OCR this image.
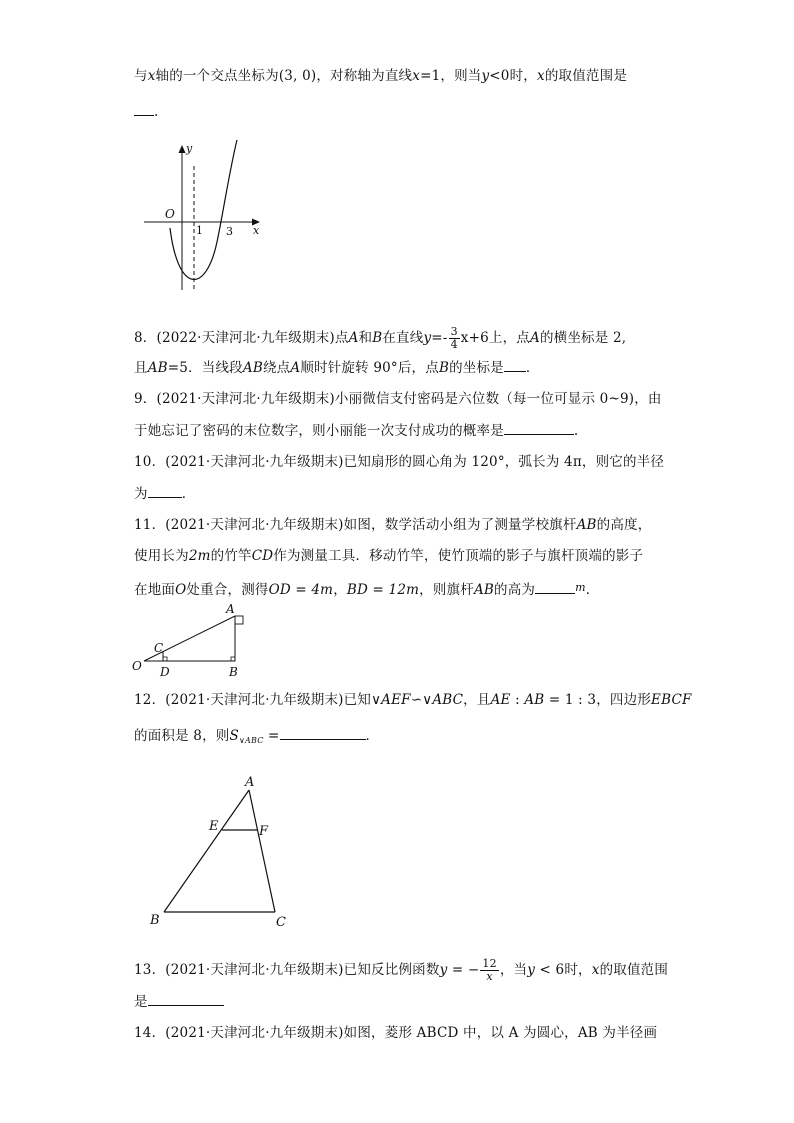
与x轴的一个交点坐标为(3, 0)，对称轴为直线x=1，则当y<0时，x的取值范围是
.
y
x
O
1 3
8．(2022·天津河北·九年级期末)点A和B在直线$y=- \frac{3}{4} x+6$上，点A的横坐标是 2,
且AB=5．当线段AB绕点A顺时针旋转 90°后，点B的坐标是 ．
9．(2021·天津河北·九年级期末)小丽微信支付密码是六位数（每一位可显示 0~9)，由
于她忘记了密码的末位数字，则小丽能一次支付成功的概率是	.
10．(2021·天津河北·九年级期末)已知扇形的圆心角为 120°，弧长为 4π，则它的半径
为	．
11．(2021·天津河北·九年级期末)如图，数学活动小组为了测量学校旗杆AB的高度，
使用长为2m的竹竿CD作为测量工具．移动竹竿，使竹顶端的影子与旗杆顶端的影子
在地面O处重合，测得OD = 4m，BD = 12m，则旗杆AB的高为	$^m$．
A
C
O D	B
12．(2021·天津河北·九年级期末)已知∨AEF∽∨ABC，且AE : AB = 1 : 3，四边形EBCF
的面积是 8，则$S_{\vee ABC}$ =	．
A
E	F
B	C
13．(2021·天津河北·九年级期末)已知反比例函数y = − $\frac{12}{x}$ ，当y < 6时，x的取值范围
是
14．(2021·天津河北·九年级期末)如图，菱形 ABCD 中，以 A 为圆心，AB 为半径画
